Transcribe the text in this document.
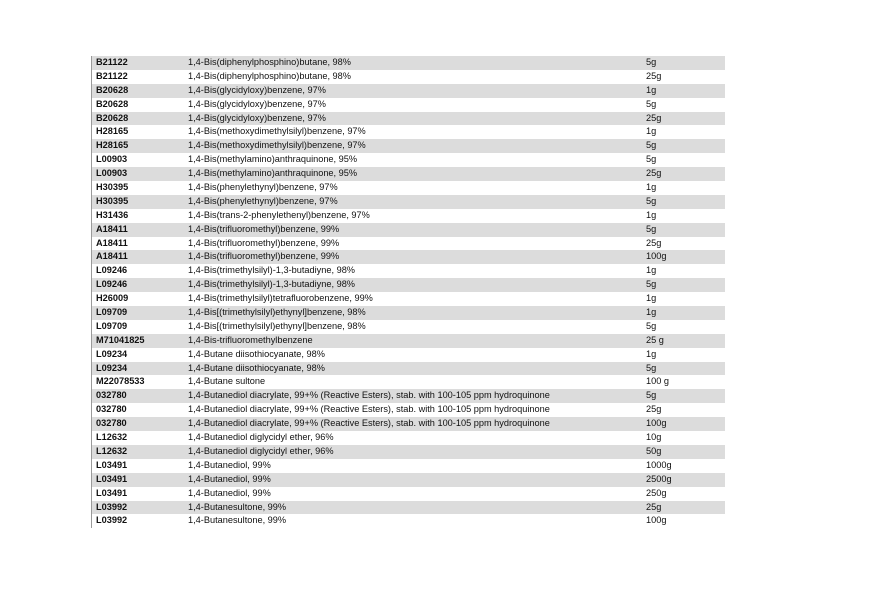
B21122	1,4-Bis(diphenylphosphino)butane, 98%	5g
B21122	1,4-Bis(diphenylphosphino)butane, 98%	25g
B20628	1,4-Bis(glycidyloxy)benzene, 97%	1g
B20628	1,4-Bis(glycidyloxy)benzene, 97%	5g
B20628	1,4-Bis(glycidyloxy)benzene, 97%	25g
H28165	1,4-Bis(methoxydimethylsilyl)benzene, 97%	1g
H28165	1,4-Bis(methoxydimethylsilyl)benzene, 97%	5g
L00903	1,4-Bis(methylamino)anthraquinone, 95%	5g
L00903	1,4-Bis(methylamino)anthraquinone, 95%	25g
H30395	1,4-Bis(phenylethynyl)benzene, 97%	1g
H30395	1,4-Bis(phenylethynyl)benzene, 97%	5g
H31436	1,4-Bis(trans-2-phenylethenyl)benzene, 97%	1g
A18411	1,4-Bis(trifluoromethyl)benzene, 99%	5g
A18411	1,4-Bis(trifluoromethyl)benzene, 99%	25g
A18411	1,4-Bis(trifluoromethyl)benzene, 99%	100g
L09246	1,4-Bis(trimethylsilyl)-1,3-butadiyne, 98%	1g
L09246	1,4-Bis(trimethylsilyl)-1,3-butadiyne, 98%	5g
H26009	1,4-Bis(trimethylsilyl)tetrafluorobenzene, 99%	1g
L09709	1,4-Bis[(trimethylsilyl)ethynyl]benzene, 98%	1g
L09709	1,4-Bis[(trimethylsilyl)ethynyl]benzene, 98%	5g
M71041825	1,4-Bis-trifluoromethylbenzene	25 g
L09234	1,4-Butane diisothiocyanate, 98%	1g
L09234	1,4-Butane diisothiocyanate, 98%	5g
M22078533	1,4-Butane sultone	100 g
032780	1,4-Butanediol diacrylate, 99+% (Reactive Esters), stab. with 100-105 ppm hydroquinone	5g
032780	1,4-Butanediol diacrylate, 99+% (Reactive Esters), stab. with 100-105 ppm hydroquinone	25g
032780	1,4-Butanediol diacrylate, 99+% (Reactive Esters), stab. with 100-105 ppm hydroquinone	100g
L12632	1,4-Butanediol diglycidyl ether, 96%	10g
L12632	1,4-Butanediol diglycidyl ether, 96%	50g
L03491	1,4-Butanediol, 99%	1000g
L03491	1,4-Butanediol, 99%	2500g
L03491	1,4-Butanediol, 99%	250g
L03992	1,4-Butanesultone, 99%	25g
L03992	1,4-Butanesultone, 99%	100g
